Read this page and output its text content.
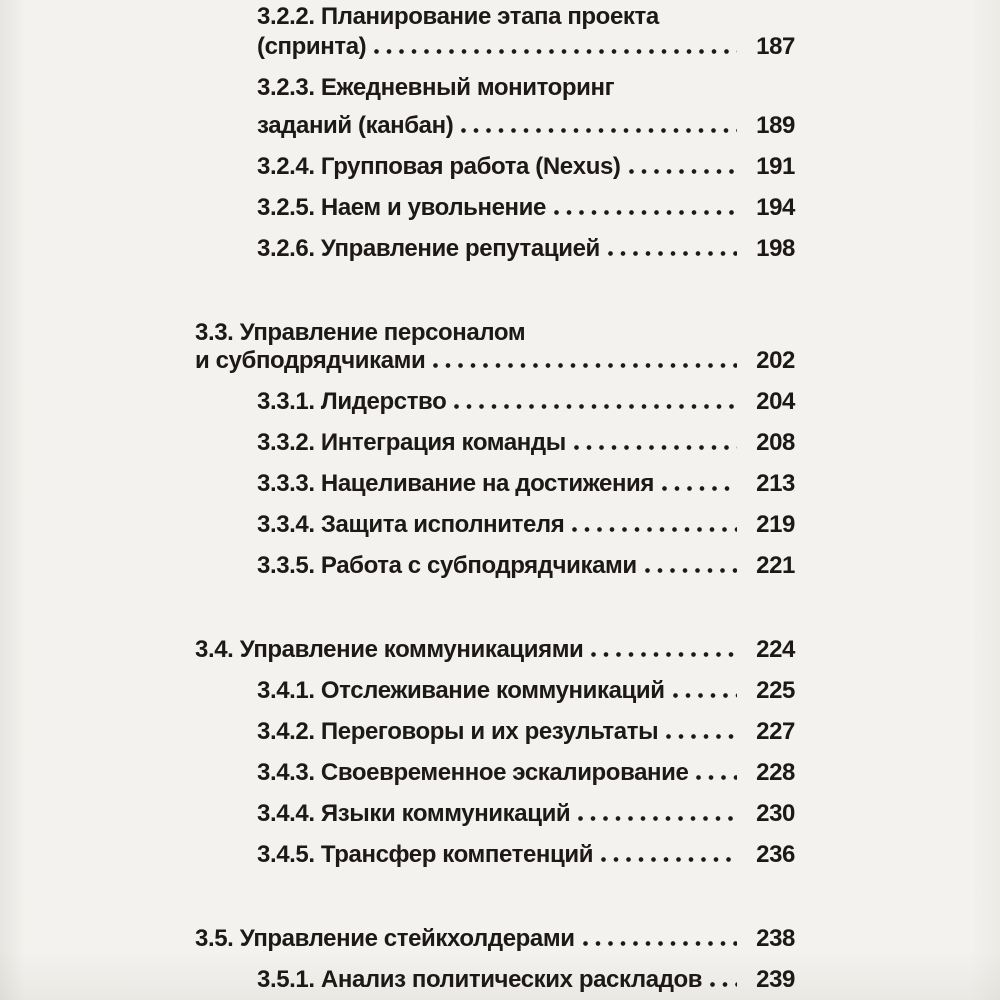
3.2.2. Планирование этапа проекта
(спринта)	187
3.2.3. Ежедневный мониторинг
заданий (канбан)	189
3.2.4. Групповая работа (Nexus)	191
3.2.5. Наем и увольнение	194
3.2.6. Управление репутацией	198
3.3. Управление персоналом
и субподрядчиками	202
3.3.1. Лидерство	204
3.3.2. Интеграция команды	208
3.3.3. Нацеливание на достижения	213
3.3.4. Защита исполнителя	219
3.3.5. Работа с субподрядчиками	221
3.4. Управление коммуникациями	224
3.4.1. Отслеживание коммуникаций	225
3.4.2. Переговоры и их результаты	227
3.4.3. Своевременное эскалирование	228
3.4.4. Языки коммуникаций	230
3.4.5. Трансфер компетенций	236
3.5. Управление стейкхолдерами	238
3.5.1. Анализ политических раскладов 239
